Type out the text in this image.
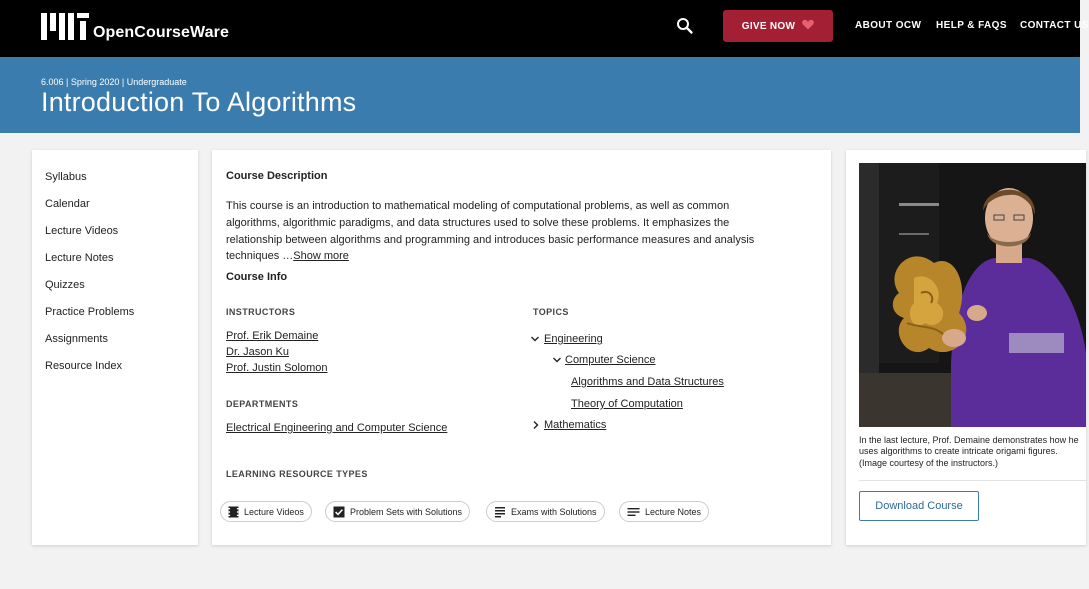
OpenCourseWare	GIVE NOW	ABOUT OCW HELP & FAQS CONTACT US
6.006 | Spring 2020 | Undergraduate
Introduction To Algorithms
Syllabus
Calendar
Lecture Videos
Lecture Notes
Quizzes
Practice Problems
Assignments
Resource Index
Course Description
This course is an introduction to mathematical modeling of computational problems, as well as common algorithms, algorithmic paradigms, and data structures used to solve these problems. It emphasizes the relationship between algorithms and programming and introduces basic performance measures and analysis techniques …Show more
Course Info
INSTRUCTORS
Prof. Erik Demaine
Dr. Jason Ku
Prof. Justin Solomon
DEPARTMENTS
Electrical Engineering and Computer Science
TOPICS
Engineering
Computer Science
Algorithms and Data Structures
Theory of Computation
Mathematics
LEARNING RESOURCE TYPES
Lecture Videos	Problem Sets with Solutions	Exams with Solutions	Lecture Notes
In the last lecture, Prof. Demaine demonstrates how he uses algorithms to create intricate origami figures. (Image courtesy of the instructors.)
Download Course
